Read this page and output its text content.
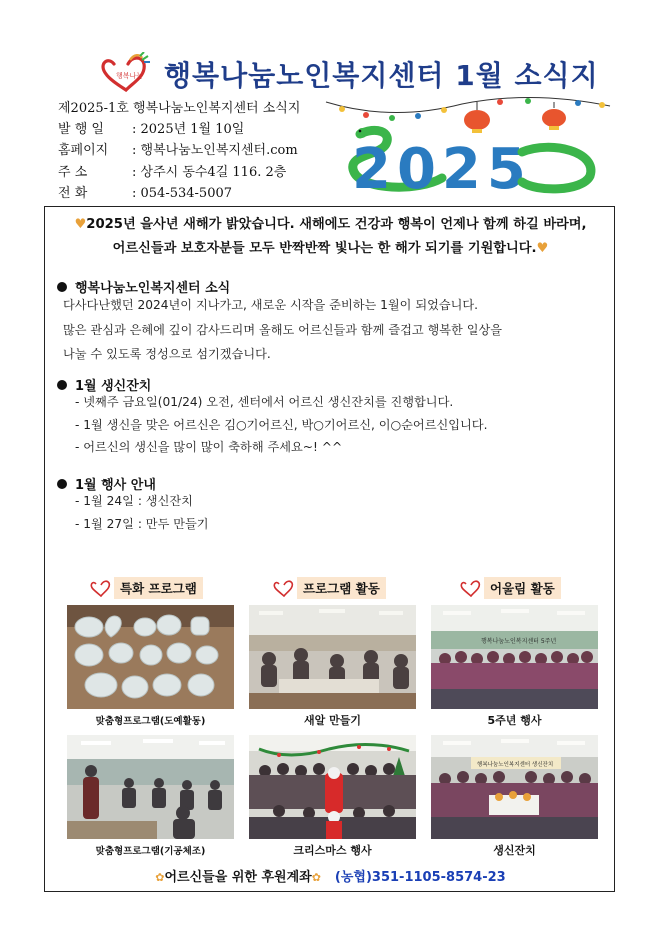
행복나눔 행복나눔노인복지센터 1월 소식지
제2025-1호 행복나눔노인복지센터 소식지
발 행 일	: 2025년 1월 10일
홈페이지	: 행복나눔노인복지센터.com
주 소	: 상주시 동수4길 116. 2층
전 화	: 054-534-5007 2025
♥2025년 을사년 새해가 밝았습니다. 새해에도 건강과 행복이 언제나 함께 하길 바라며,
어르신들과 보호자분들 모두 반짝반짝 빛나는 한 해가 되기를 기원합니다.♥
행복나눔노인복지센터 소식
다사다난했던 2024년이 지나가고, 새로운 시작을 준비하는 1월이 되었습니다.
많은 관심과 은혜에 깊이 감사드리며 올해도 어르신들과 함께 즐겁고 행복한 일상을
나눌 수 있도록 정성으로 섬기겠습니다.
1월 생신잔치
- 넷째주 금요일(01/24) 오전, 센터에서 어르신 생신잔치를 진행합니다.
- 1월 생신을 맞은 어르신은 김○기어르신, 박○기어르신, 이○순어르신입니다.
- 어르신의 생신을 많이 많이 축하해 주세요~! ^^
1월 행사 안내
- 1월 24일 : 생신잔치
- 1월 27일 : 만두 만들기
특화 프로그램	프로그램 활동	어울림 활동
맞춤형프로그램(도예활동)	새알 만들기
행복나눔노인복지센터 5주년
5주년 행사
맞춤형프로그램(기공체조)	크리스마스 행사
행복나눔노인복지센터 생신잔치
생신잔치
✿어르신들을 위한 후원계좌✿ (농협)351-1105-8574-23
